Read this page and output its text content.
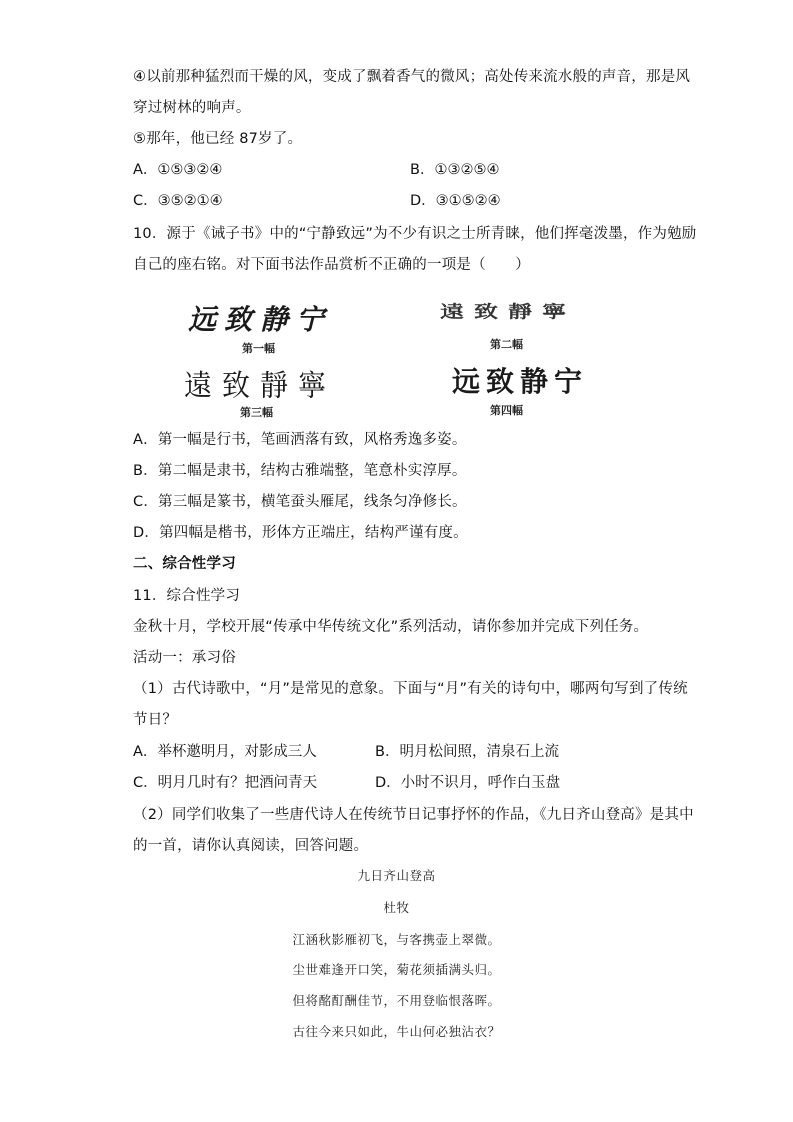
④以前那种猛烈而干燥的风，变成了飘着香气的微风；高处传来流水般的声音，那是风
穿过树林的响声。
⑤那年，他已经 87岁了。
A．①⑤③②④	B．①③②⑤④
C．③⑤②①④	D．③①⑤②④
10．源于《诫子书》中的“宁静致远”为不少有识之士所青睐，他们挥毫泼墨，作为勉励
自己的座右铭。对下面书法作品赏析不正确的一项是（　　）
远致静宁
第一幅
遠致靜寧
第二幅
遠致靜寧
第三幅
远致静宁
第四幅
A．第一幅是行书，笔画洒落有致，风格秀逸多姿。
B．第二幅是隶书，结构古雅端整，笔意朴实淳厚。
C．第三幅是篆书，横笔蚕头雁尾，线条匀净修长。
D．第四幅是楷书，形体方正端庄，结构严谨有度。
二、综合性学习
11．综合性学习
金秋十月，学校开展“传承中华传统文化”系列活动，请你参加并完成下列任务。
活动一：承习俗
（1）古代诗歌中，“月”是常见的意象。下面与“月”有关的诗句中，哪两句写到了传统
节日？
A．举杯邀明月，对影成三人	B．明月松间照，清泉石上流
C．明月几时有？把酒问青天	D．小时不识月，呼作白玉盘
（2）同学们收集了一些唐代诗人在传统节日记事抒怀的作品，《九日齐山登高》是其中
的一首，请你认真阅读，回答问题。
九日齐山登高
杜牧
江涵秋影雁初飞，与客携壶上翠微。
尘世难逢开口笑，菊花须插满头归。
但将酩酊酬佳节，不用登临恨落晖。
古往今来只如此，牛山何必独沾衣？
